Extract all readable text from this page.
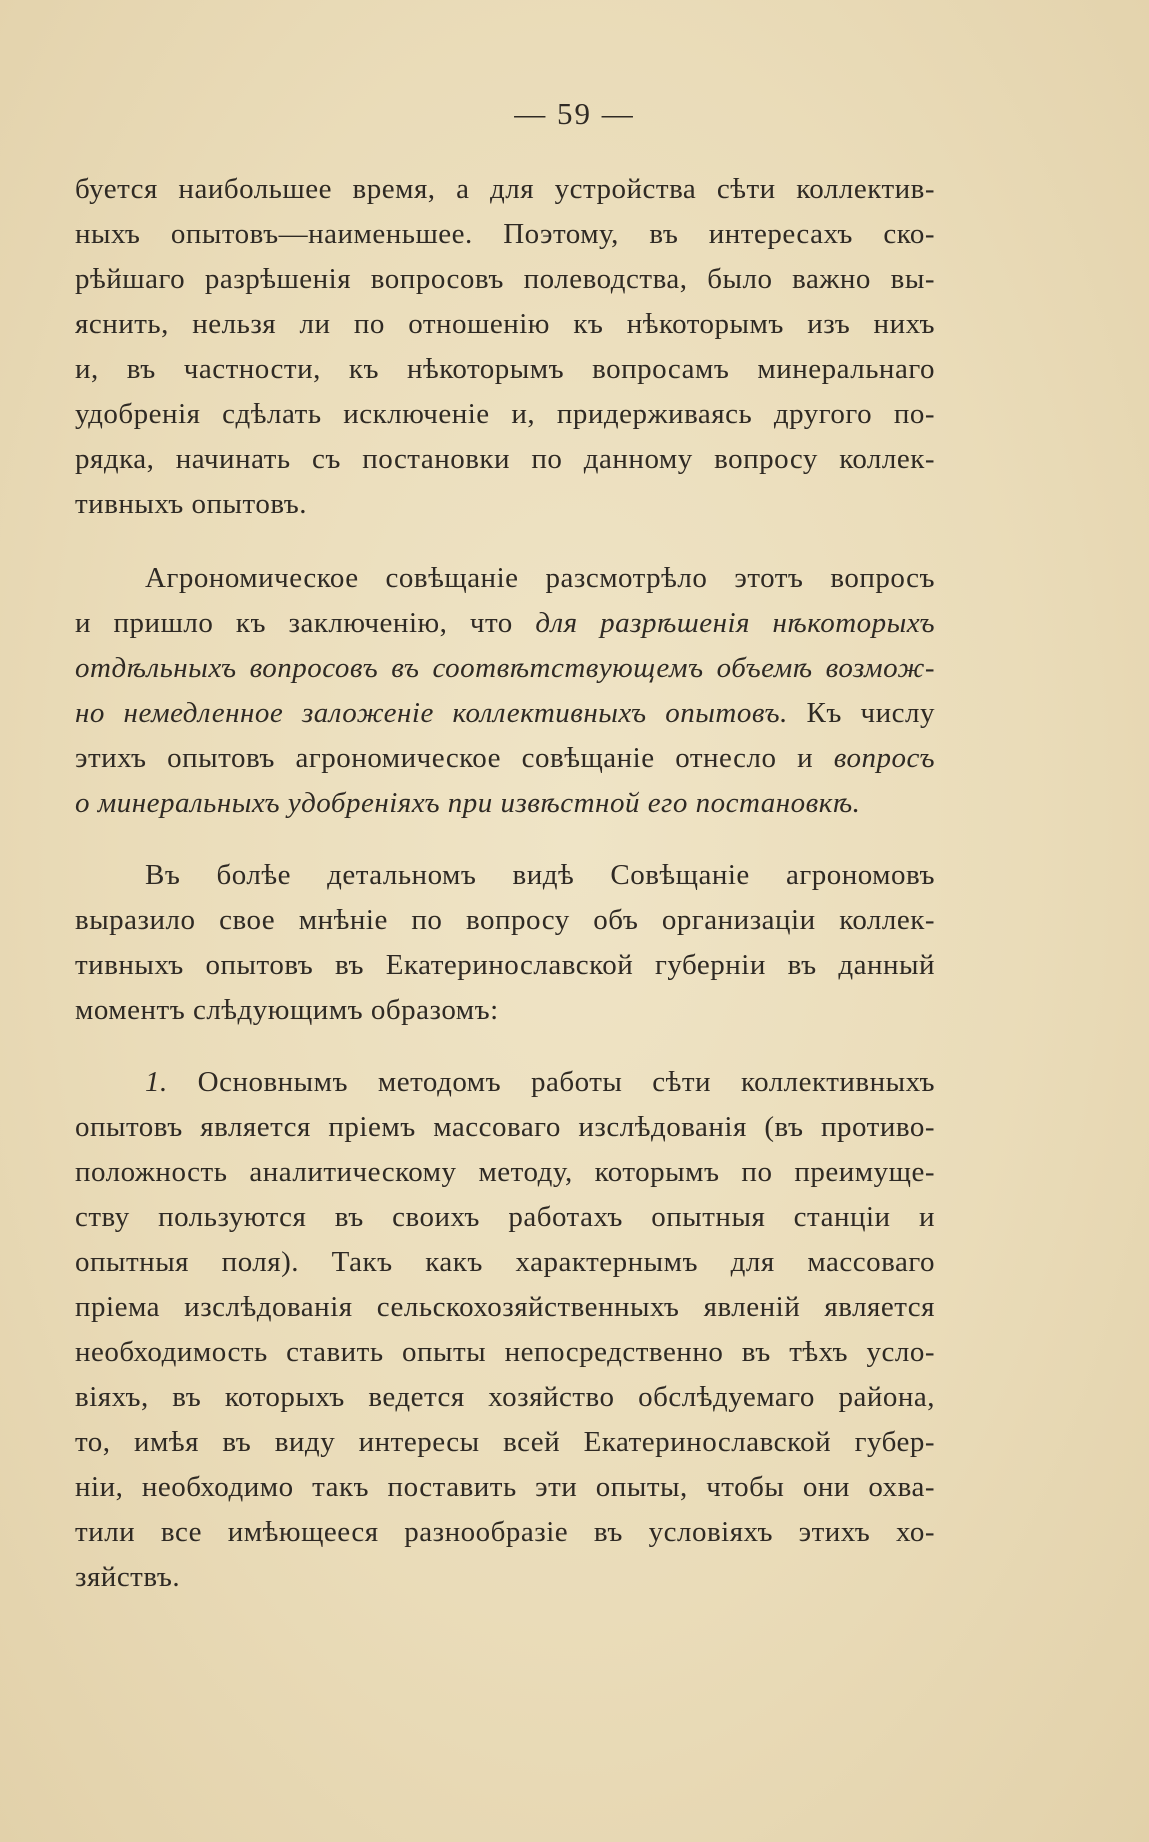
— 59 —
буется наибольшее время, а для устройства сѣти коллектив-
ныхъ опытовъ—наименьшее. Поэтому, въ интересахъ ско-
рѣйшаго разрѣшенія вопросовъ полеводства, было важно вы-
яснить, нельзя ли по отношенію къ нѣкоторымъ изъ нихъ
и, въ частности, къ нѣкоторымъ вопросамъ минеральнаго
удобренія сдѣлать исключеніе и, придерживаясь другого по-
рядка, начинать съ постановки по данному вопросу коллек-
тивныхъ опытовъ.
Агрономическое совѣщаніе разсмотрѣло этотъ вопросъ
и пришло къ заключенію, что для разрѣшенія нѣкоторыхъ
отдѣльныхъ вопросовъ въ соотвѣтствующемъ объемѣ возмож-
но немедленное заложеніе коллективныхъ опытовъ. Къ числу
этихъ опытовъ агрономическое совѣщаніе отнесло и вопросъ
о минеральныхъ удобреніяхъ при извѣстной его постановкѣ.
Въ болѣе детальномъ видѣ Совѣщаніе агрономовъ
выразило свое мнѣніе по вопросу объ организаціи коллек-
тивныхъ опытовъ въ Екатеринославской губерніи въ данный
моментъ слѣдующимъ образомъ:
1. Основнымъ методомъ работы сѣти коллективныхъ
опытовъ является пріемъ массоваго изслѣдованія (въ противо-
положность аналитическому методу, которымъ по преимуще-
ству пользуются въ своихъ работахъ опытныя станціи и
опытныя поля). Такъ какъ характернымъ для массоваго
пріема изслѣдованія сельскохозяйственныхъ явленій является
необходимость ставить опыты непосредственно въ тѣхъ усло-
віяхъ, въ которыхъ ведется хозяйство обслѣдуемаго района,
то, имѣя въ виду интересы всей Екатеринославской губер-
ніи, необходимо такъ поставить эти опыты, чтобы они охва-
тили все имѣющееся разнообразіе въ условіяхъ этихъ хо-
зяйствъ.
